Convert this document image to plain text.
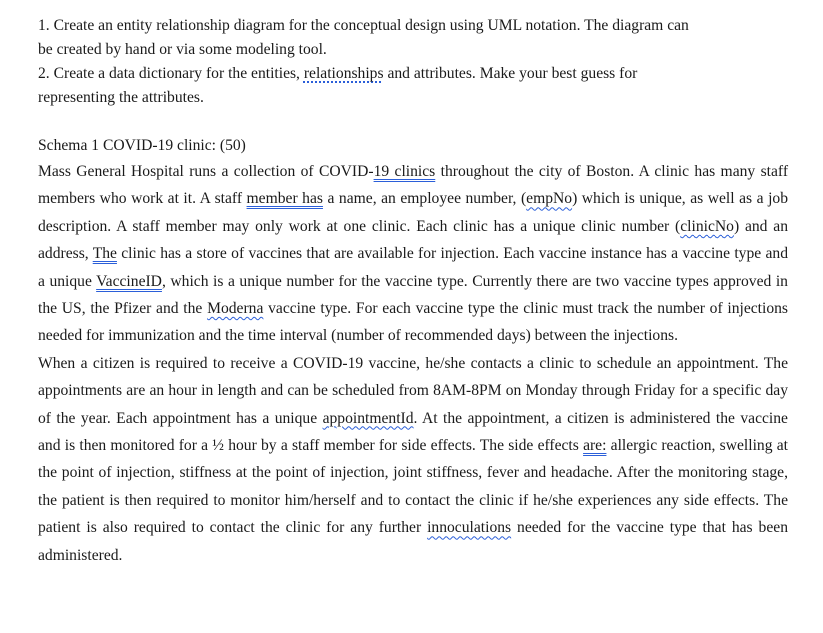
1. Create an entity relationship diagram for the conceptual design using UML notation. The diagram can

be created by hand or via some modeling tool.

2. Create a data dictionary for the entities, relationships and attributes. Make your best guess for

representing the attributes.

Schema 1 COVID-19 clinic: (50)

Mass General Hospital runs a collection of COVID-19 clinics throughout the city of Boston. A clinic has many staff members who work at it. A staff member has a name, an employee number, (empNo) which is unique, as well as a job description. A staff member may only work at one clinic. Each clinic has a unique clinic number (clinicNo) and an address, The clinic has a store of vaccines that are available for injection. Each vaccine instance has a vaccine type and a unique VaccineID, which is a unique number for the vaccine type. Currently there are two vaccine types approved in the US, the Pfizer and the Moderna vaccine type. For each vaccine type the clinic must track the number of injections needed for immunization and the time interval (number of recommended days) between the injections.

When a citizen is required to receive a COVID-19 vaccine, he/she contacts a clinic to schedule an appointment. The appointments are an hour in length and can be scheduled from 8AM-8PM on Monday through Friday for a specific day of the year. Each appointment has a unique appointmentId. At the appointment, a citizen is administered the vaccine and is then monitored for a ½ hour by a staff member for side effects. The side effects are: allergic reaction, swelling at the point of injection, stiffness at the point of injection, joint stiffness, fever and headache. After the monitoring stage, the patient is then required to monitor him/herself and to contact the clinic if he/she experiences any side effects. The patient is also required to contact the clinic for any further innoculations needed for the vaccine type that has been administered.
